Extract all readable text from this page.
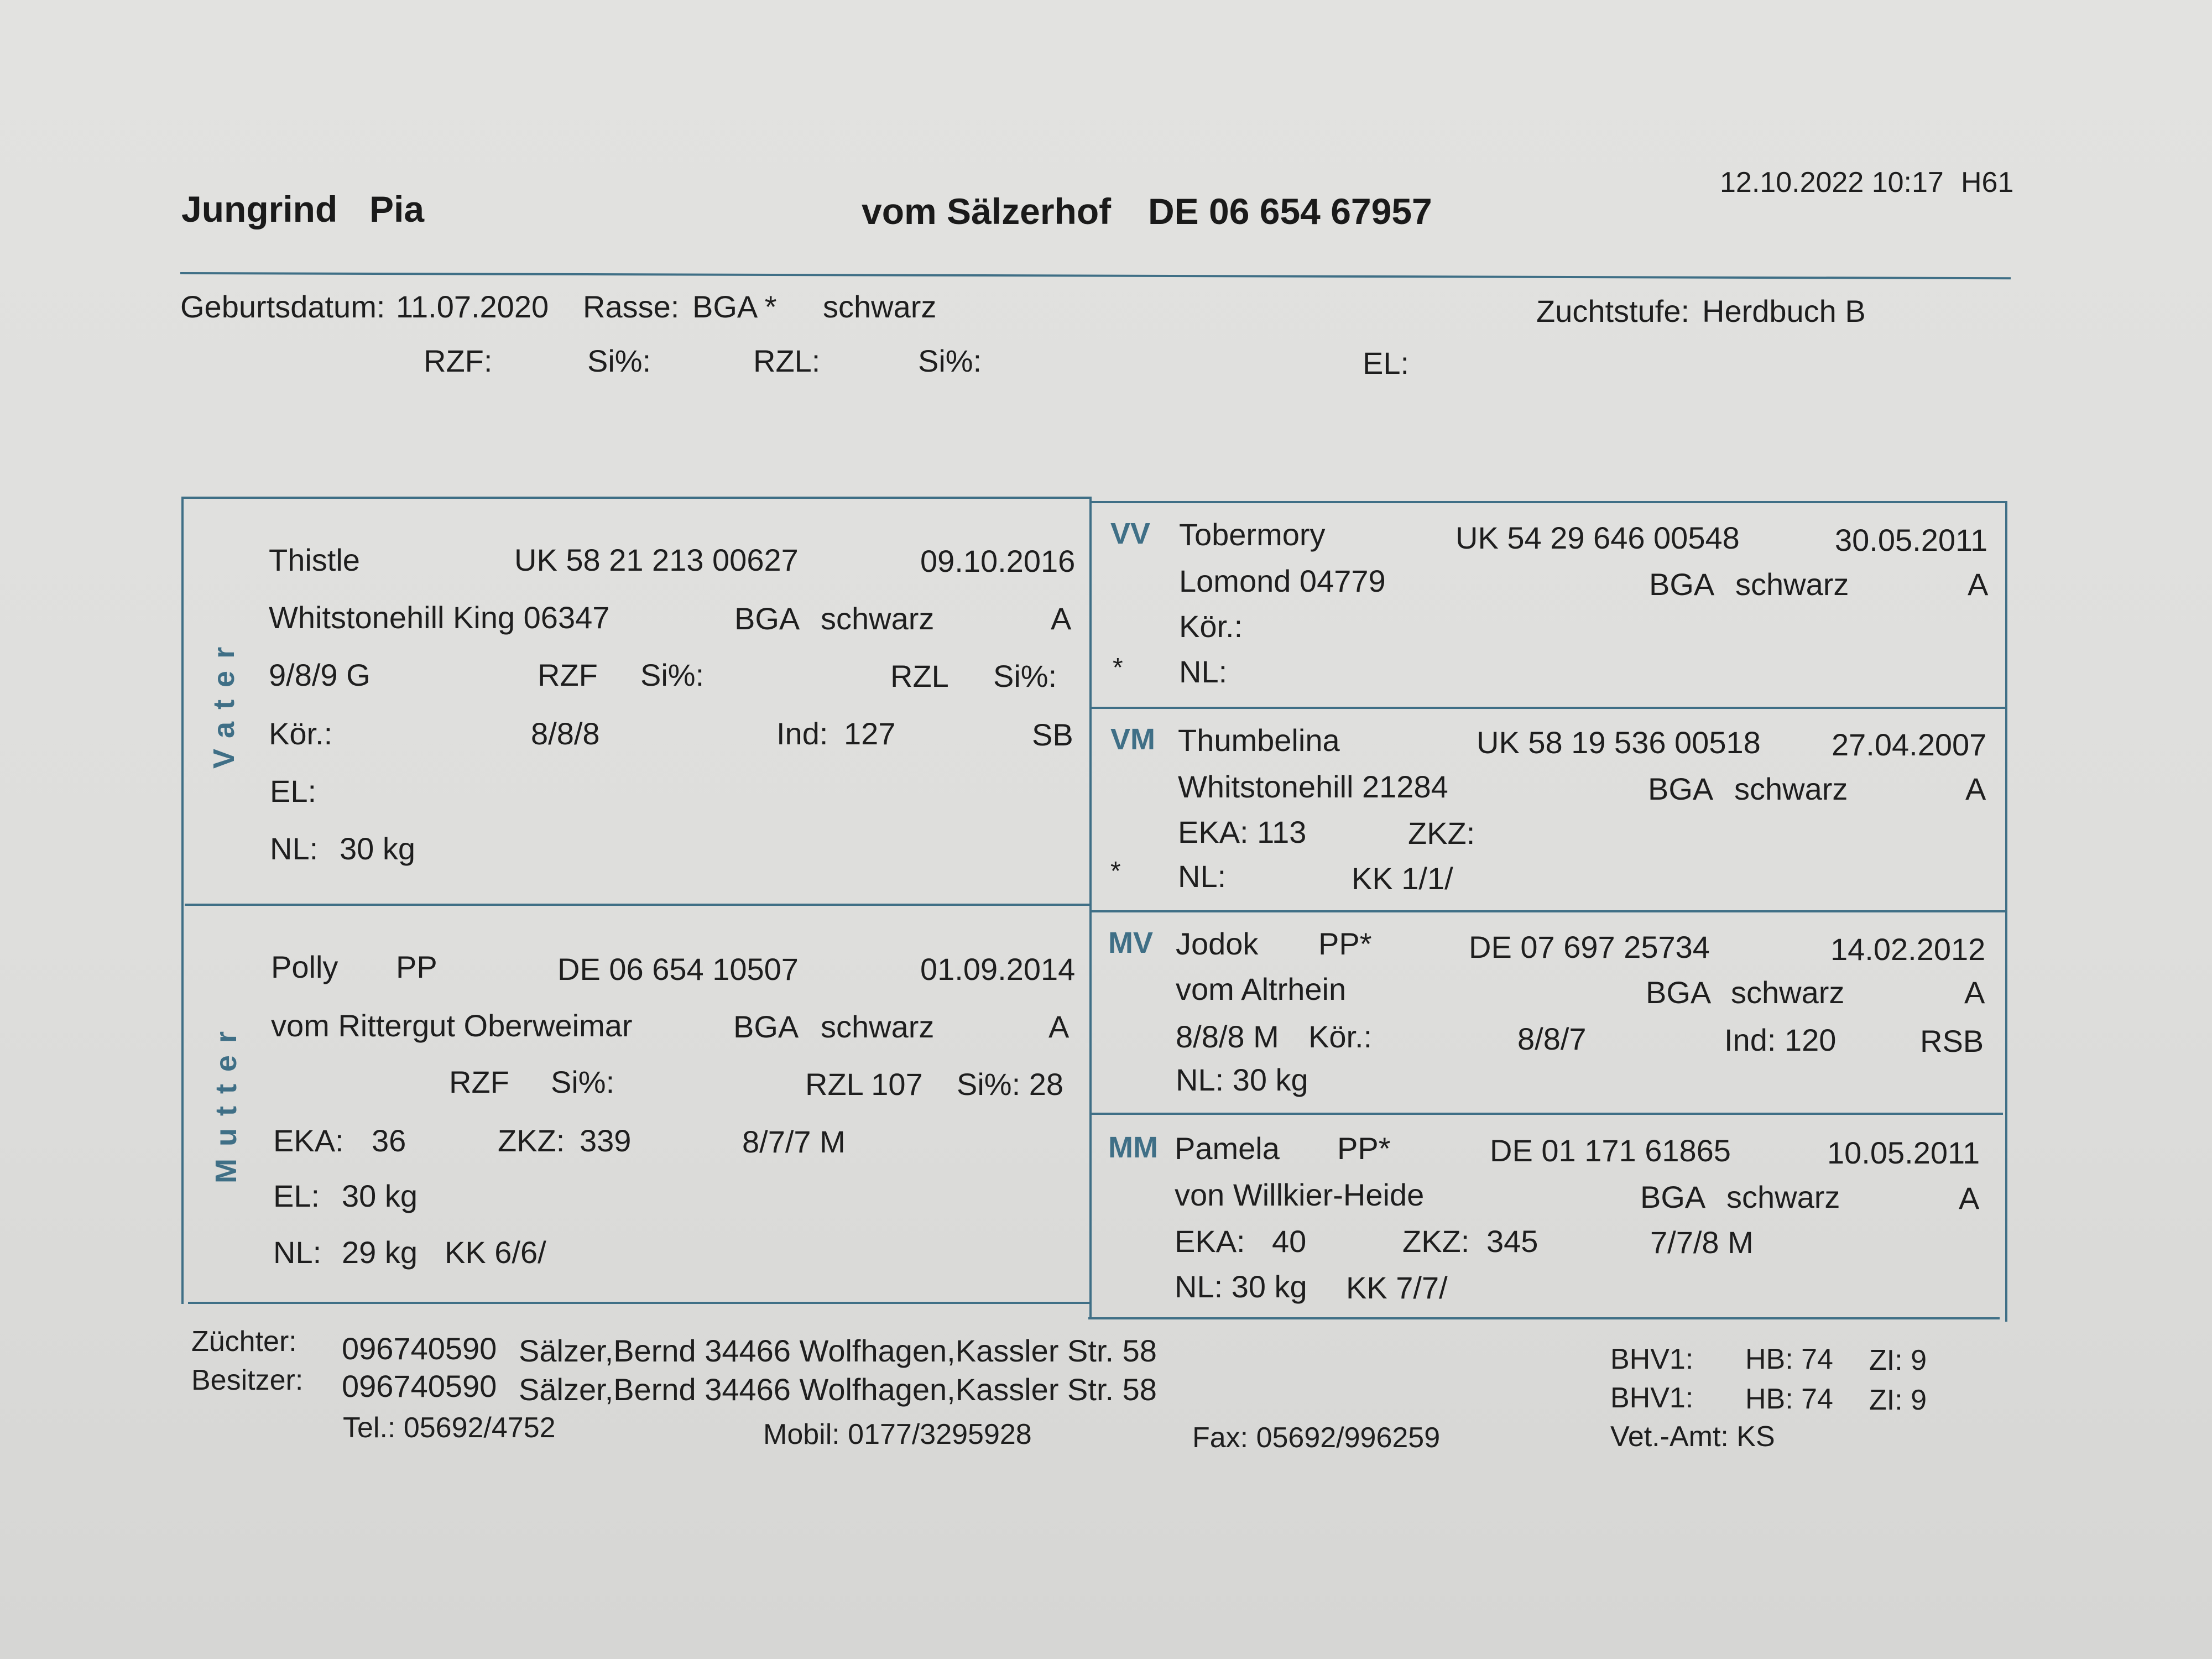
Jungrind Pia	vom Sälzerhof DE 06 654 67957
12.10.2022 10:17 H61
Geburtsdatum: 11.07.2020 Rasse: BGA * schwarz	Zuchtstufe: Herdbuch B
RZF:	Si%:	RZL:	Si%:	EL:
Vater
Thistle	UK 58 21 213 00627	09.10.2016
Whitstonehill King 06347	BGA schwarz	A
9/8/9 G	RZF Si%:	RZL Si%:
Kör.:	8/8/8	Ind: 127	SB
EL:
NL: 30 kg
Mutter
Polly PP	DE 06 654 10507	01.09.2014
vom Rittergut Oberweimar	BGA schwarz	A
RZF Si%:	RZL 107 Si%: 28
EKA: 36	ZKZ: 339	8/7/7 M
EL: 30 kg
NL: 29 kg KK 6/6/
VV Tobermory	UK 54 29 646 00548	30.05.2011
Lomond 04779	BGA schwarz	A
Kör.:
* NL:
VM Thumbelina	UK 58 19 536 00518 27.04.2007
Whitstonehill 21284	BGA schwarz	A
EKA: 113	ZKZ:
* NL:	KK 1/1/
MV Jodok PP*	DE 07 697 25734	14.02.2012
vom Altrhein	BGA schwarz	A
8/8/8 M Kör.:	8/8/7	Ind: 120	RSB
NL: 30 kg
MM Pamela PP*	DE 01 171 61865	10.05.2011
von Willkier-Heide	BGA schwarz	A
EKA: 40	ZKZ: 345	7/7/8 M
NL: 30 kg KK 7/7/
Züchter: 096740590 Sälzer,Bernd 34466 Wolfhagen,Kassler Str. 58
Besitzer: 096740590 Sälzer,Bernd 34466 Wolfhagen,Kassler Str. 58
Tel.: 05692/4752	Mobil: 0177/3295928	Fax: 05692/996259
BHV1: HB: 74 ZI: 9
BHV1: HB: 74 ZI: 9
Vet.-Amt: KS
